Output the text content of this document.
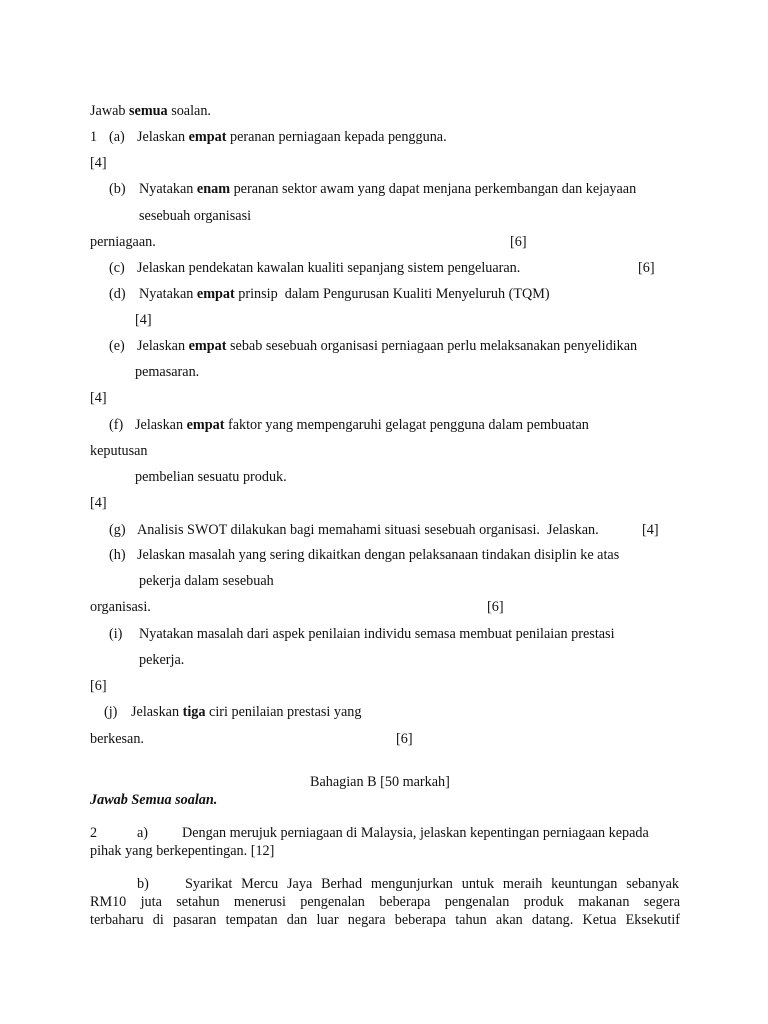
Jawab semua soalan.
1 (a) Jelaskan empat peranan perniagaan kepada pengguna.
[4]
(b) Nyatakan enam peranan sektor awam yang dapat menjana perkembangan dan kejayaan
sesebuah organisasi
perniagaan.	[6]
(c) Jelaskan pendekatan kawalan kualiti sepanjang sistem pengeluaran.	[6]
(d) Nyatakan empat prinsip  dalam Pengurusan Kualiti Menyeluruh (TQM)
[4]
(e) Jelaskan empat sebab sesebuah organisasi perniagaan perlu melaksanakan penyelidikan
pemasaran.
[4]
(f) Jelaskan empat faktor yang mempengaruhi gelagat pengguna dalam pembuatan
keputusan
pembelian sesuatu produk.
[4]
(g) Analisis SWOT dilakukan bagi memahami situasi sesebuah organisasi.  Jelaskan.	[4]
(h) Jelaskan masalah yang sering dikaitkan dengan pelaksanaan tindakan disiplin ke atas
pekerja dalam sesebuah
organisasi.	[6]
(i) Nyatakan masalah dari aspek penilaian individu semasa membuat penilaian prestasi
pekerja.
[6]
(j) Jelaskan tiga ciri penilaian prestasi yang
berkesan.	[6]
Bahagian B [50 markah]
Jawab Semua soalan.
2	a) Dengan merujuk perniagaan di Malaysia, jelaskan kepentingan perniagaan kepada
pihak yang berkepentingan. [12]
b)	Syarikat Mercu Jaya Berhad mengunjurkan untuk meraih keuntungan sebanyak
RM10 juta setahun menerusi pengenalan beberapa pengenalan produk makanan segera
terbaharu di pasaran tempatan dan luar negara beberapa tahun akan datang. Ketua Eksekutif
